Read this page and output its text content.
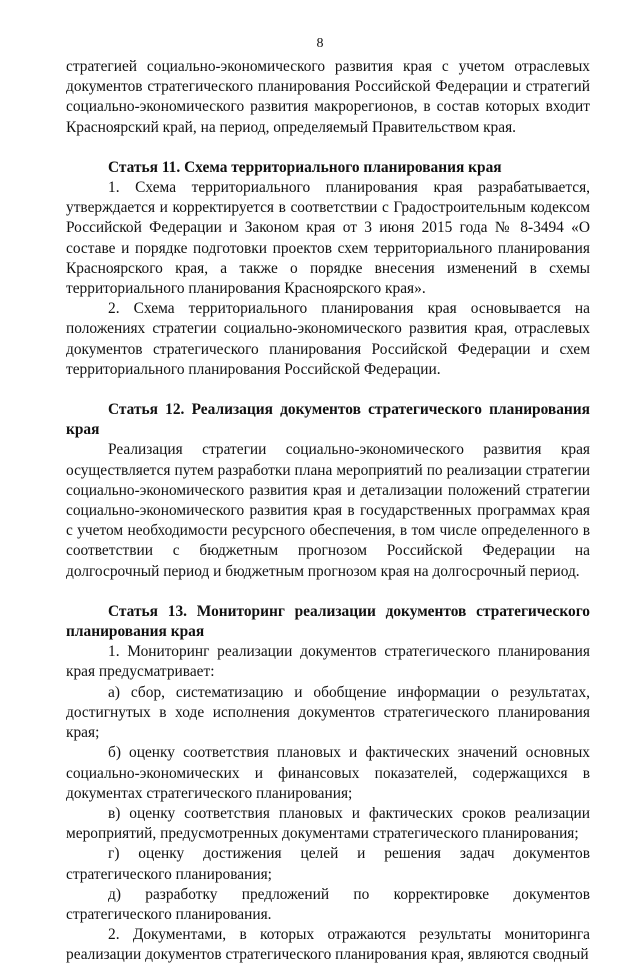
8

стратегией социально-экономического развития края с учетом отраслевых документов стратегического планирования Российской Федерации и стратегий социально-экономического развития макрорегионов, в состав которых входит Красноярский край, на период, определяемый Правительством края.

Статья 11. Схема территориального планирования края

1. Схема территориального планирования края разрабатывается, утверждается и корректируется в соответствии с Градостроительным кодексом Российской Федерации и Законом края от 3 июня 2015 года № 8-3494 «О составе и порядке подготовки проектов схем территориального планирования Красноярского края, а также о порядке внесения изменений в схемы территориального планирования Красноярского края».

2. Схема территориального планирования края основывается на положениях стратегии социально-экономического развития края, отраслевых документов стратегического планирования Российской Федерации и схем территориального планирования Российской Федерации.

Статья 12. Реализация документов стратегического планирования края

Реализация стратегии социально-экономического развития края осуществляется путем разработки плана мероприятий по реализации стратегии социально-экономического развития края и детализации положений стратегии социально-экономического развития края в государственных программах края с учетом необходимости ресурсного обеспечения, в том числе определенного в соответствии с бюджетным прогнозом Российской Федерации на долгосрочный период и бюджетным прогнозом края на долгосрочный период.

Статья 13. Мониторинг реализации документов стратегического планирования края

1. Мониторинг реализации документов стратегического планирования края предусматривает:

а) сбор, систематизацию и обобщение информации о результатах, достигнутых в ходе исполнения документов стратегического планирования края;

б) оценку соответствия плановых и фактических значений основных социально-экономических и финансовых показателей, содержащихся в документах стратегического планирования;

в) оценку соответствия плановых и фактических сроков реализации мероприятий, предусмотренных документами стратегического планирования;

г) оценку достижения целей и решения задач документов стратегического планирования;

д) разработку предложений по корректировке документов стратегического планирования.

2. Документами, в которых отражаются результаты мониторинга реализации документов стратегического планирования края, являются сводный
